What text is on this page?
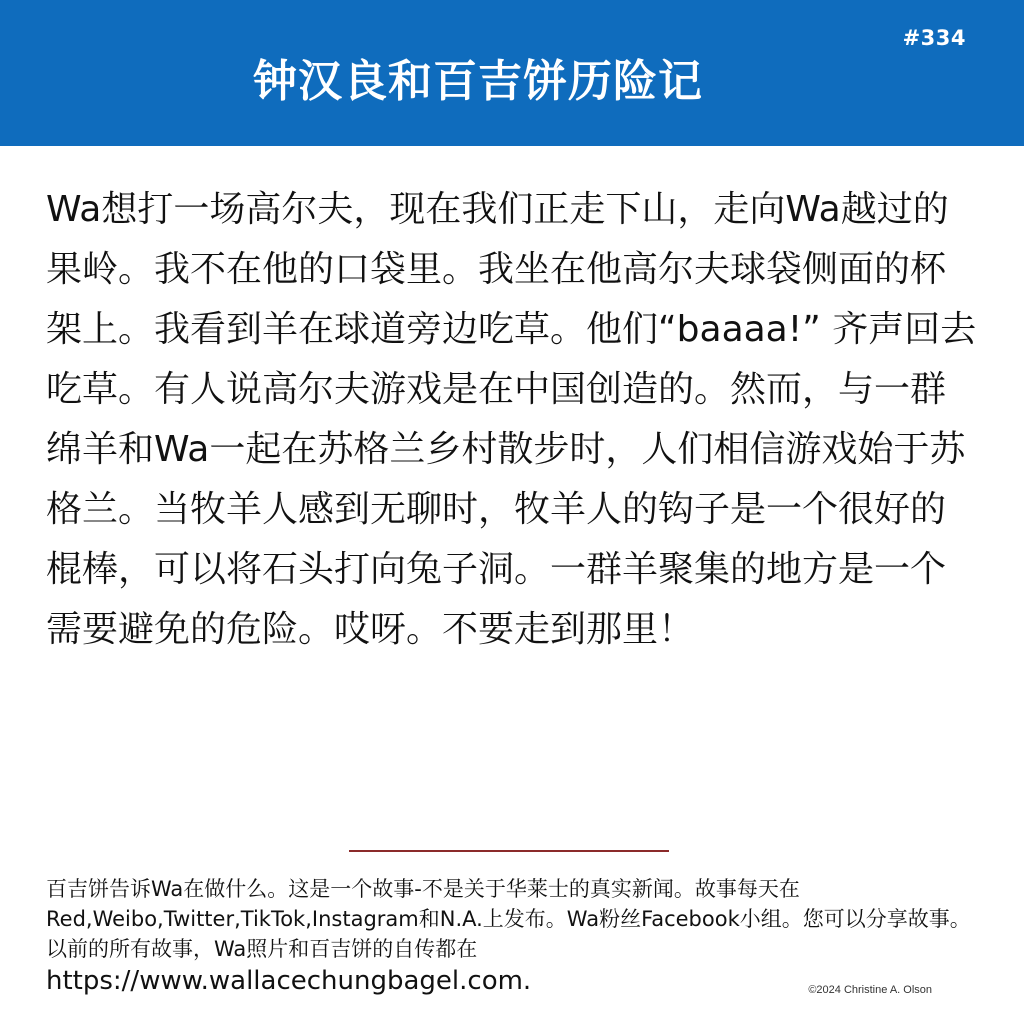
#334
钟汉良和百吉饼历险记

Wa想打一场高尔夫，现在我们正走下山，走向Wa越过的果岭。我不在他的口袋里。我坐在他高尔夫球袋侧面的杯架上。我看到羊在球道旁边吃草。他们“baaaa!” 齐声回去吃草。有人说高尔夫游戏是在中国创造的。然而，与一群绵羊和Wa一起在苏格兰乡村散步时，人们相信游戏始于苏格兰。当牧羊人感到无聊时，牧羊人的钩子是一个很好的棍棒，可以将石头打向兔子洞。一群羊聚集的地方是一个需要避免的危险。哎呀。不要走到那里！

百吉饼告诉Wa在做什么。这是一个故事-不是关于华莱士的真实新闻。故事每天在Red,Weibo,Twitter,TikTok,Instagram和N.A.上发布。Wa粉丝Facebook小组。您可以分享故事。以前的所有故事，Wa照片和百吉饼的自传都在
https://www.wallacechungbagel.com.	©2024 Christine A. Olson
